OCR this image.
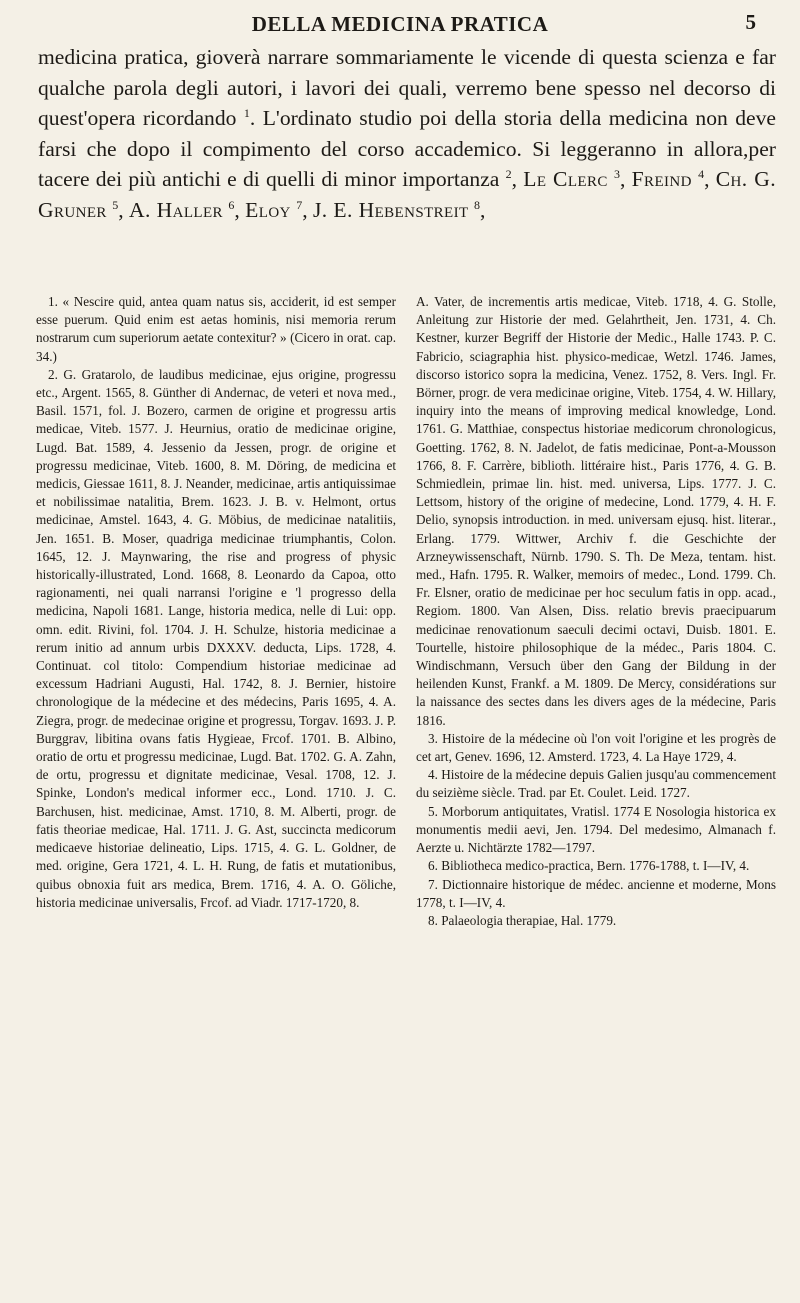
DELLA MEDICINA PRATICA	5
medicina pratica, gioverà narrare sommariamente le vicende di questa scienza e far qualche parola degli autori, i lavori dei quali, verremo bene spesso nel decorso di quest'opera ricordando $^1$. L'ordinato studio poi della storia della medicina non deve farsi che dopo il compimento del corso accademico. Si leggeranno in allora,per tacere dei più antichi e di quelli di minor importanza $^2$, Le Clerc $^3$, Freind $^4$, Ch. G. Gruner $^5$, A. Haller $^6$, Eloy $^7$, J. E. Hebenstreit $^8$,

1. « Nescire quid, antea quam natus sis, acciderit, id est semper esse puerum. Quid enim est aetas hominis, nisi memoria rerum nostrarum cum superiorum aetate contexitur? » (Cicero in orat. cap. 34.)

2. G. Gratarolo, de laudibus medicinae, ejus origine, progressu etc., Argent. 1565, 8. Günther di Andernac, de veteri et nova med., Basil. 1571, fol. J. Bozero, carmen de origine et progressu artis medicae, Viteb. 1577. J. Heurnius, oratio de medicinae origine, Lugd. Bat. 1589, 4. Jessenio da Jessen, progr. de origine et progressu medicinae, Viteb. 1600, 8. M. Döring, de medicina et medicis, Giessae 1611, 8. J. Neander, medicinae, artis antiquissimae et nobilissimae natalitia, Brem. 1623. J. B. v. Helmont, ortus medicinae, Amstel. 1643, 4. G. Möbius, de medicinae natalitiis, Jen. 1651. B. Moser, quadriga medicinae triumphantis, Colon. 1645, 12. J. Maynwaring, the rise and progress of physic historically-illustrated, Lond. 1668, 8. Leonardo da Capoa, otto ragionamenti, nei quali narransi l'origine e 'l progresso della medicina, Napoli 1681. Lange, historia medica, nelle di Lui: opp. omn. edit. Rivini, fol. 1704. J. H. Schulze, historia medicinae a rerum initio ad annum urbis DXXXV. deducta, Lips. 1728, 4. Continuat. col titolo: Compendium historiae medicinae ad excessum Hadriani Augusti, Hal. 1742, 8. J. Bernier, histoire chronologique de la médecine et des médecins, Paris 1695, 4. A. Ziegra, progr. de medecinae origine et progressu, Torgav. 1693. J. P. Burggrav, libitina ovans fatis Hygieae, Frcof. 1701. B. Albino, oratio de ortu et progressu medicinae, Lugd. Bat. 1702. G. A. Zahn, de ortu, progressu et dignitate medicinae, Vesal. 1708, 12. J. Spinke, London's medical informer ecc., Lond. 1710. J. C. Barchusen, hist. medicinae, Amst. 1710, 8. M. Alberti, progr. de fatis theoriae medicae, Hal. 1711. J. G. Ast, succincta medicorum medicaeve historiae delineatio, Lips. 1715, 4. G. L. Goldner, de med. origine, Gera 1721, 4. L. H. Rung, de fatis et mutationibus, quibus obnoxia fuit ars medica, Brem. 1716, 4. A. O. Göliche, historia medicinae universalis, Frcof. ad Viadr. 1717-1720, 8.

A. Vater, de incrementis artis medicae, Viteb. 1718, 4. G. Stolle, Anleitung zur Historie der med. Gelahrtheit, Jen. 1731, 4. Ch. Kestner, kurzer Begriff der Historie der Medic., Halle 1743. P. C. Fabricio, sciagraphia hist. physico-medicae, Wetzl. 1746. James, discorso istorico sopra la medicina, Venez. 1752, 8. Vers. Ingl. Fr. Börner, progr. de vera medicinae origine, Viteb. 1754, 4. W. Hillary, inquiry into the means of improving medical knowledge, Lond. 1761. G. Matthiae, conspectus historiae medicorum chronologicus, Goetting. 1762, 8. N. Jadelot, de fatis medicinae, Pont-a-Mousson 1766, 8. F. Carrère, biblioth. littéraire hist., Paris 1776, 4. G. B. Schmiedlein, primae lin. hist. med. universa, Lips. 1777. J. C. Lettsom, history of the origine of medecine, Lond. 1779, 4. H. F. Delio, synopsis introduction. in med. universam ejusq. hist. literar., Erlang. 1779. Wittwer, Archiv f. die Geschichte der Arzneywissenschaft, Nürnb. 1790. S. Th. De Meza, tentam. hist. med., Hafn. 1795. R. Walker, memoirs of medec., Lond. 1799. Ch. Fr. Elsner, oratio de medicinae per hoc seculum fatis in opp. acad., Regiom. 1800. Van Alsen, Diss. relatio brevis praecipuarum medicinae renovationum saeculi decimi octavi, Duisb. 1801. E. Tourtelle, histoire philosophique de la médec., Paris 1804. C. Windischmann, Versuch über den Gang der Bildung in der heilenden Kunst, Frankf. a M. 1809. De Mercy, considérations sur la naissance des sectes dans les divers ages de la médecine, Paris 1816.

3. Histoire de la médecine où l'on voit l'origine et les progrès de cet art, Genev. 1696, 12. Amsterd. 1723, 4. La Haye 1729, 4.

4. Histoire de la médecine depuis Galien jusqu'au commencement du seizième siècle. Trad. par Et. Coulet. Leid. 1727.

5. Morborum antiquitates, Vratisl. 1774 E Nosologia historica ex monumentis medii aevi, Jen. 1794. Del medesimo, Almanach f. Aerzte u. Nichtärzte 1782—1797.

6. Bibliotheca medico-practica, Bern. 1776-1788, t. I—IV, 4.

7. Dictionnaire historique de médec. ancienne et moderne, Mons 1778, t. I—IV, 4.

8. Palaeologia therapiae, Hal. 1779.
